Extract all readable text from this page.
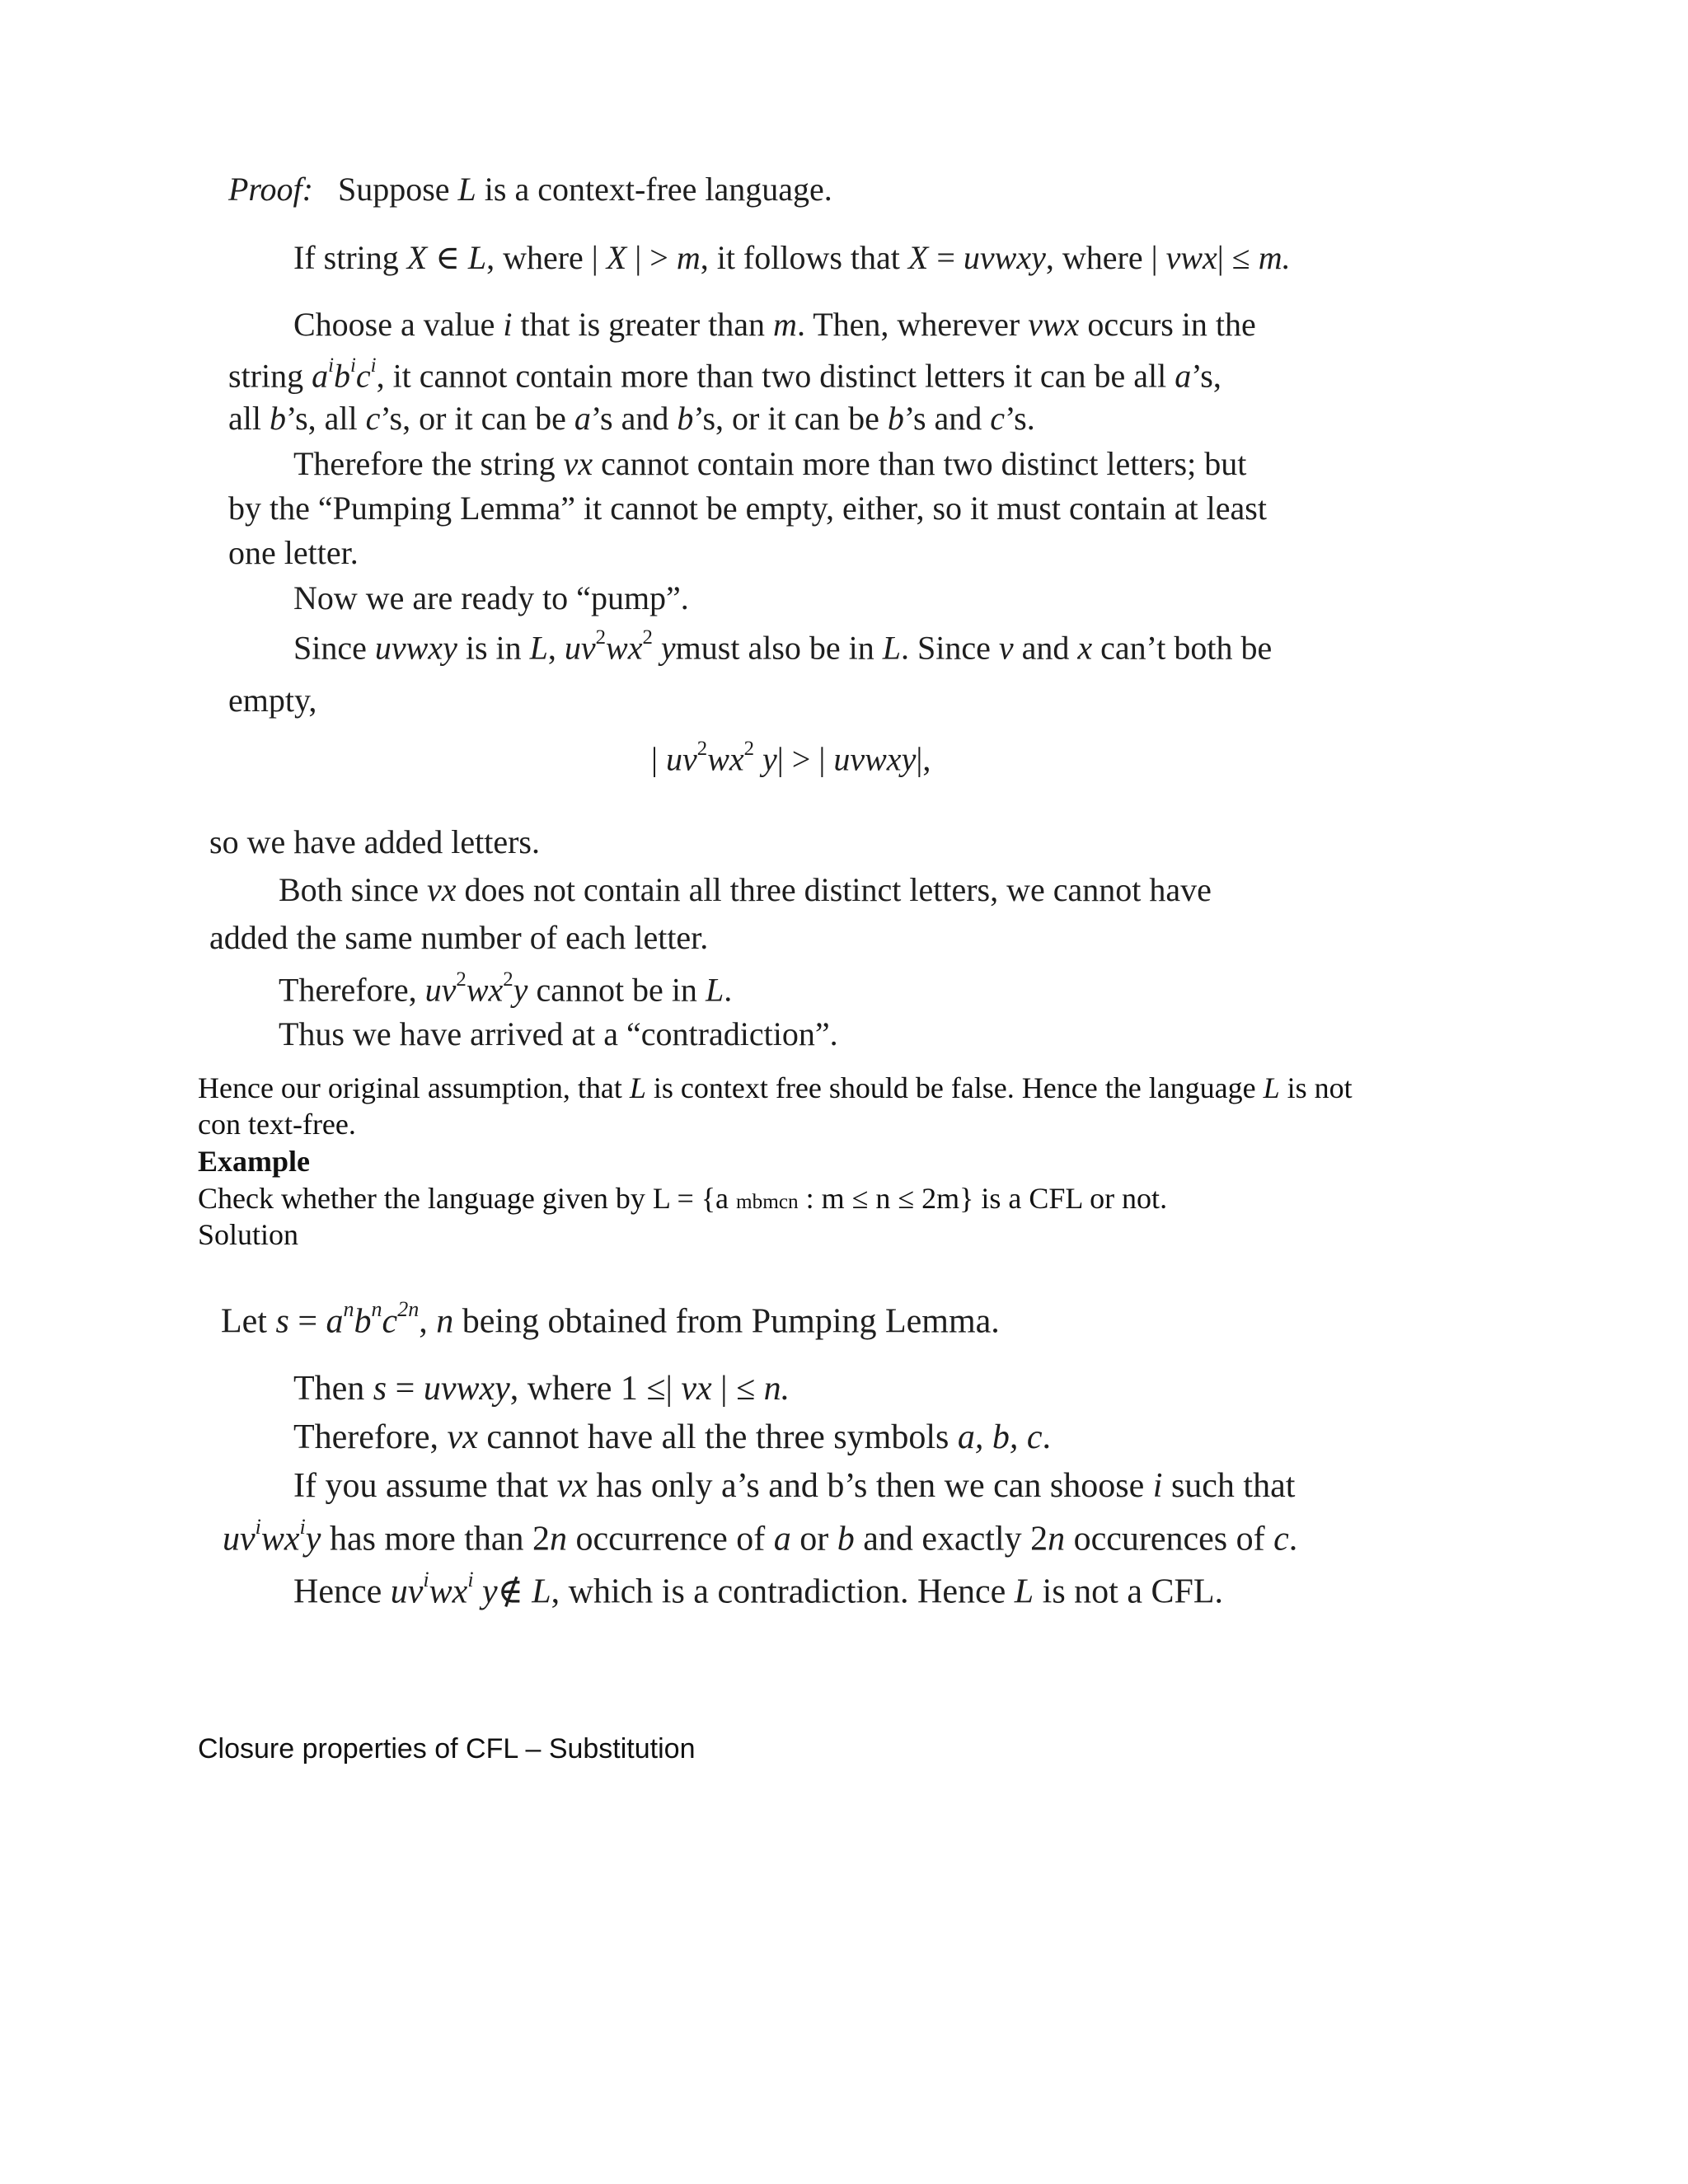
Proof: Suppose L is a context-free language.
If string X ∈ L, where | X | > m, it follows that X = uvwxy, where | vwx| ≤ m.
Choose a value i that is greater than m. Then, wherever vwx occurs in the
string $a^ib^ic^i$, it cannot contain more than two distinct letters it can be all a’s,
all b’s, all c’s, or it can be a’s and b’s, or it can be b’s and c’s.
Therefore the string vx cannot contain more than two distinct letters; but
by the “Pumping Lemma” it cannot be empty, either, so it must contain at least
one letter.
Now we are ready to “pump”.
Since uvwxy is in L, $uv^2wx^2$ ymust also be in L. Since v and x can’t both be
empty,
| $uv^2wx^2$ y| > | uvwxy|,
so we have added letters.
Both since vx does not contain all three distinct letters, we cannot have
added the same number of each letter.
Therefore, $uv^2wx^2y$ cannot be in L.
Thus we have arrived at a “contradiction”.
Hence our original assumption, that L is context free should be false. Hence the language L is not
con text-free.
Example
Check whether the language given by L = {a mbmcn : m ≤ n ≤ 2m} is a CFL or not.
Solution
Let $s = a^nb^nc^{2n}$, n being obtained from Pumping Lemma.
Then s = uvwxy, where 1 ≤| vx | ≤ n.
Therefore, vx cannot have all the three symbols a, b, c.
If you assume that vx has only a’s and b’s then we can shoose i such that
$uv^iwx^iy$ has more than 2n occurrence of a or b and exactly 2n occurences of c.
Hence $uv^iwx^i$ y∉ L, which is a contradiction. Hence L is not a CFL.
Closure properties of CFL – Substitution
